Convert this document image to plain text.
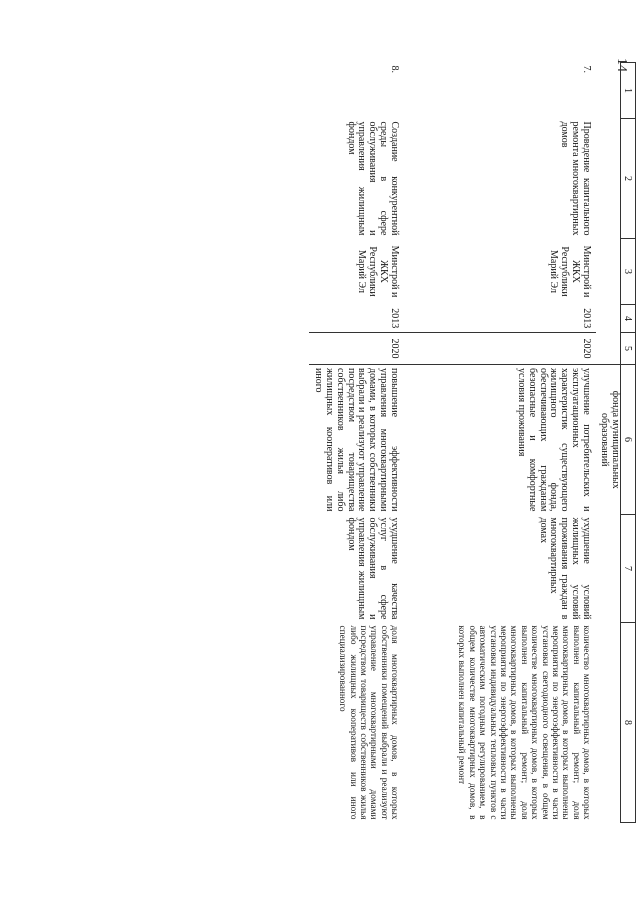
14
1	2	3	4	5	6	7	8

					фонда муниципальных
образований		

7.	Проведение капитального ремонта многоквартирных домов	Минстрой и ЖКХ Республики Марий Эл	2013	2020	улучшение потребительских и эксплуатационных характеристик существующего жилищного фонда, обеспечивающих гражданам безопасные и комфортные условия проживания	ухудшение условий жилищных условий проживания граждан в многоквартирных домах	количество многоквартирных домов, в которых выполнен капитальный ремонт; доля многоквартирных домов, в которых выполнены мероприятия по энергоэффективности в части установки светодиодного освещения, в общем количестве многоквартирных домов, в которых выполнен капитальный ремонт; доля многоквартирных домов, в которых выполнены мероприятия по энергоэффективности в части установки индивидуальных тепловых пунктов с автоматическим погодным регулированием, в общем количестве многоквартирных домов, в которых выполнен капитальный ремонт
8.	Создание конкурентной среды в сфере обслуживания и управления жилищным фондом	Минстрой и ЖКХ Республики Марий Эл	2013	2020	повышение эффективности управления многоквартирными домами, в которых собственники выбрали и реализуют управление посредством товарищества собственников жилья либо жилищных кооперативов или иного	ухудшение качества услуг в сфере обслуживания и управления жилищным фондом	доля многоквартирных домов, в которых собственники помещений выбрали и реализуют управление многоквартирными домами посредством товариществ собственников жилья либо жилищных кооперативов или иного специализированного
